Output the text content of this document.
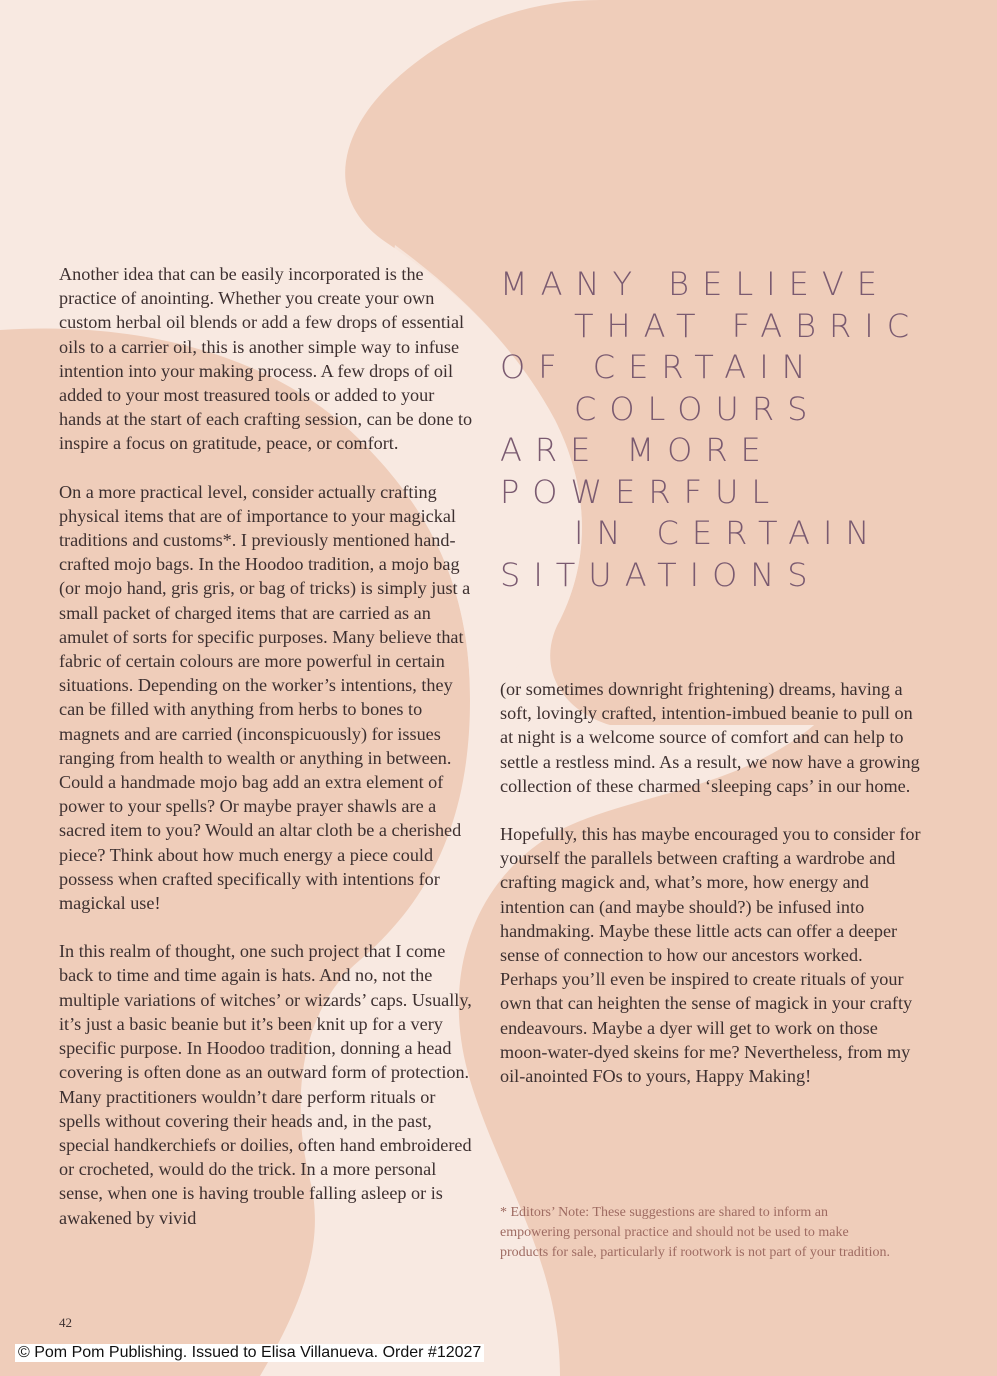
Another idea that can be easily incorporated is the practice of anointing. Whether you create your own custom herbal oil blends or add a few drops of essential oils to a carrier oil, this is another simple way to infuse intention into your making process. A few drops of oil added to your most treasured tools or added to your hands at the start of each crafting session, can be done to inspire a focus on gratitude, peace, or comfort.

On a more practical level, consider actually crafting physical items that are of importance to your magickal traditions and customs*. I previously mentioned hand-crafted mojo bags. In the Hoodoo tradition, a mojo bag (or mojo hand, gris gris, or bag of tricks) is simply just a small packet of charged items that are carried as an amulet of sorts for specific purposes. Many believe that fabric of certain colours are more powerful in certain situations. Depending on the worker’s intentions, they can be filled with anything from herbs to bones to magnets and are carried (inconspicuously) for issues ranging from health to wealth or anything in between. Could a handmade mojo bag add an extra element of power to your spells? Or maybe prayer shawls are a sacred item to you? Would an altar cloth be a cherished piece? Think about how much energy a piece could possess when crafted specifically with intentions for magickal use!

In this realm of thought, one such project that I come back to time and time again is hats. And no, not the multiple variations of witches’ or wizards’ caps. Usually, it’s just a basic beanie but it’s been knit up for a very specific purpose. In Hoodoo tradition, donning a head covering is often done as an outward form of protection. Many practitioners wouldn’t dare perform rituals or spells without covering their heads and, in the past, special handkerchiefs or doilies, often hand embroidered or crocheted, would do the trick. In a more personal sense, when one is having trouble falling asleep or is awakened by vivid

MANY BELIEVE
THAT FABRIC
OF CERTAIN
COLOURS
ARE MORE
POWERFUL
IN CERTAIN
SITUATIONS

(or sometimes downright frightening) dreams, having a soft, lovingly crafted, intention-imbued beanie to pull on at night is a welcome source of comfort and can help to settle a restless mind. As a result, we now have a growing collection of these charmed ‘sleeping caps’ in our home.

Hopefully, this has maybe encouraged you to consider for yourself the parallels between crafting a wardrobe and crafting magick and, what’s more, how energy and intention can (and maybe should?) be infused into handmaking. Maybe these little acts can offer a deeper sense of connection to how our ancestors worked. Perhaps you’ll even be inspired to create rituals of your own that can heighten the sense of magick in your crafty endeavours. Maybe a dyer will get to work on those moon-water-dyed skeins for me? Nevertheless, from my oil-anointed FOs to yours, Happy Making!

* Editors’ Note: These suggestions are shared to inform an empowering personal practice and should not be used to make products for sale, particularly if rootwork is not part of your tradition.
42
© Pom Pom Publishing. Issued to Elisa Villanueva. Order #12027
